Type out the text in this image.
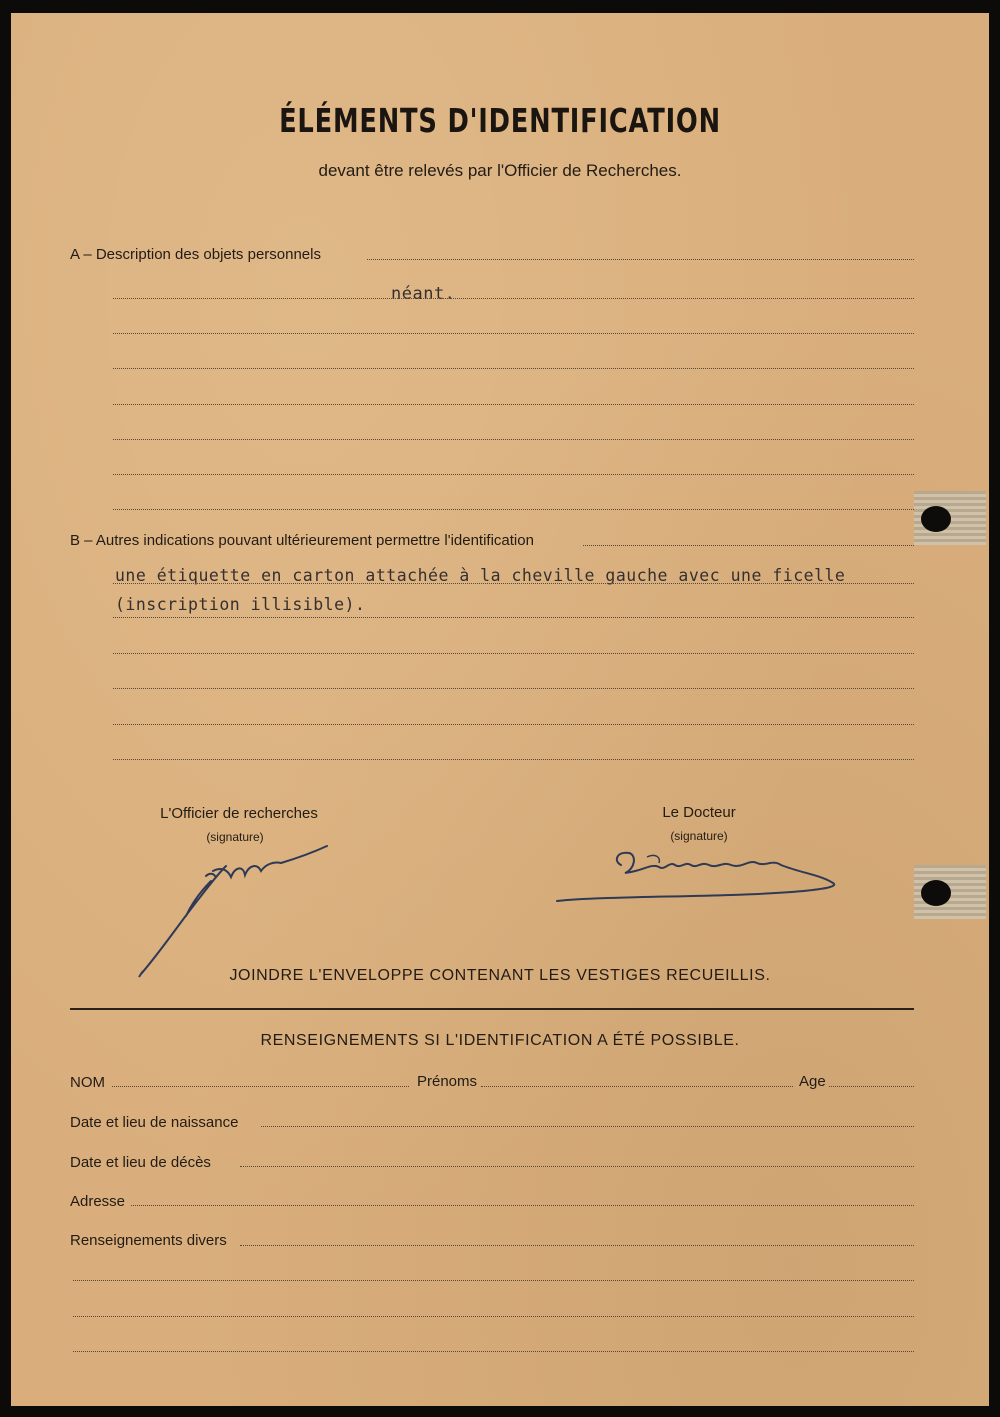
ÉLÉMENTS D'IDENTIFICATION
devant être relevés par l'Officier de Recherches.
A – Description des objets personnels
néant.
B – Autres indications pouvant ultérieurement permettre l'identification
une étiquette en carton attachée à la cheville gauche avec une ficelle
(inscription illisible).
L'Officier de recherches
(signature)
Le Docteur
(signature)
JOINDRE L'ENVELOPPE CONTENANT LES VESTIGES RECUEILLIS.
RENSEIGNEMENTS SI L'IDENTIFICATION A ÉTÉ POSSIBLE.
NOM	Prénoms	Age
Date et lieu de naissance
Date et lieu de décès
Adresse
Renseignements divers
